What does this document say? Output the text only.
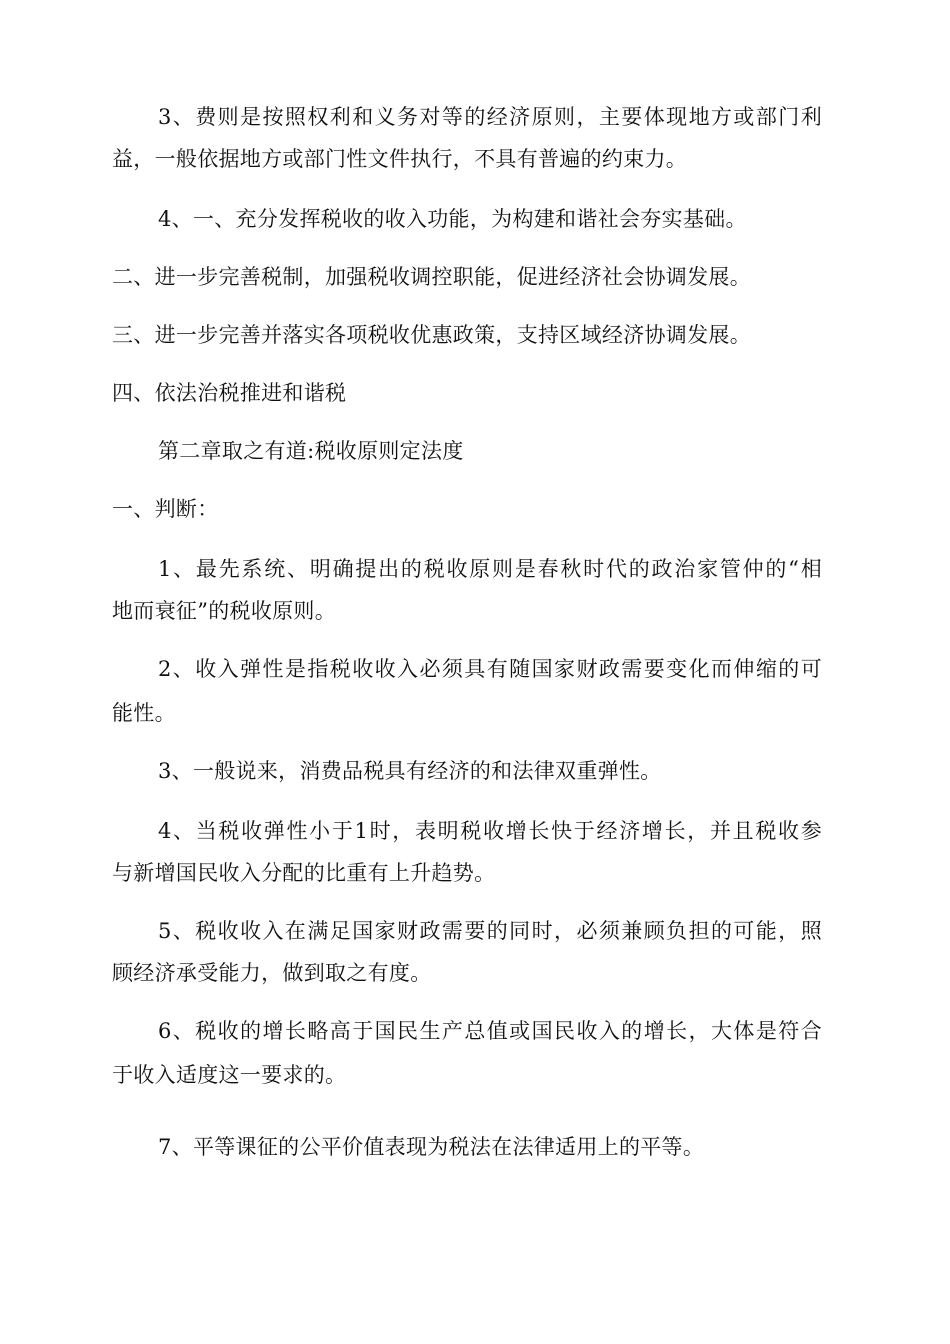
3、费则是按照权利和义务对等的经济原则，主要体现地方或部门利
益，一般依据地方或部门性文件执行，不具有普遍的约束力。
4、一、充分发挥税收的收入功能，为构建和谐社会夯实基础。
二、进一步完善税制，加强税收调控职能，促进经济社会协调发展。
三、进一步完善并落实各项税收优惠政策，支持区域经济协调发展。
四、依法治税推进和谐税
第二章取之有道:税收原则定法度
一、判断：
1、最先系统、明确提出的税收原则是春秋时代的政治家管仲的“相
地而衰征”的税收原则。
2、收入弹性是指税收收入必须具有随国家财政需要变化而伸缩的可
能性。
3、一般说来，消费品税具有经济的和法律双重弹性。
4、当税收弹性小于1时，表明税收增长快于经济增长，并且税收参
与新增国民收入分配的比重有上升趋势。
5、税收收入在满足国家财政需要的同时，必须兼顾负担的可能，照
顾经济承受能力，做到取之有度。
6、税收的增长略高于国民生产总值或国民收入的增长，大体是符合
于收入适度这一要求的。
7、平等课征的公平价值表现为税法在法律适用上的平等。
